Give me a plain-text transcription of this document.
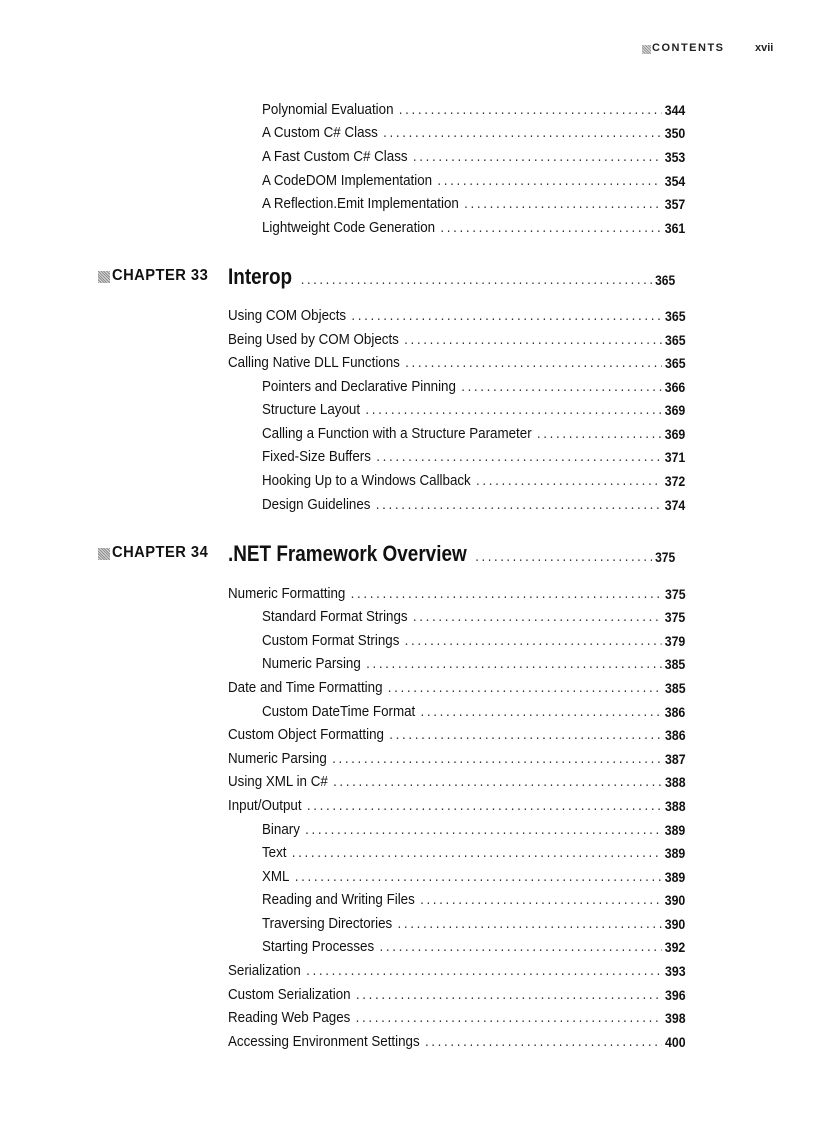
CONTENTS	xvii
Polynomial Evaluation . . .	344
A Custom C# Class . . .	350
A Fast Custom C# Class . . .	353
A CodeDOM Implementation . . .	354
A Reflection.Emit Implementation . . .	357
Lightweight Code Generation . . .	361
CHAPTER 33 Interop . . .	365
Using COM Objects . . .	365
Being Used by COM Objects . . .	365
Calling Native DLL Functions . . .	365
Pointers and Declarative Pinning . . .	366
Structure Layout . . .	369
Calling a Function with a Structure Parameter . . .	369
Fixed-Size Buffers . . .	371
Hooking Up to a Windows Callback . . .	372
Design Guidelines . . .	374
CHAPTER 34 .NET Framework Overview . . .	375
Numeric Formatting . . .	375
Standard Format Strings . . .	375
Custom Format Strings . . .	379
Numeric Parsing . . .	385
Date and Time Formatting . . .	385
Custom DateTime Format . . .	386
Custom Object Formatting . . .	386
Numeric Parsing . . .	387
Using XML in C# . . .	388
Input/Output . . .	388
Binary . . .	389
Text . . .	389
XML . . .	389
Reading and Writing Files . . .	390
Traversing Directories . . .	390
Starting Processes . . .	392
Serialization . . .	393
Custom Serialization . . .	396
Reading Web Pages . . .	398
Accessing Environment Settings . . .	400
